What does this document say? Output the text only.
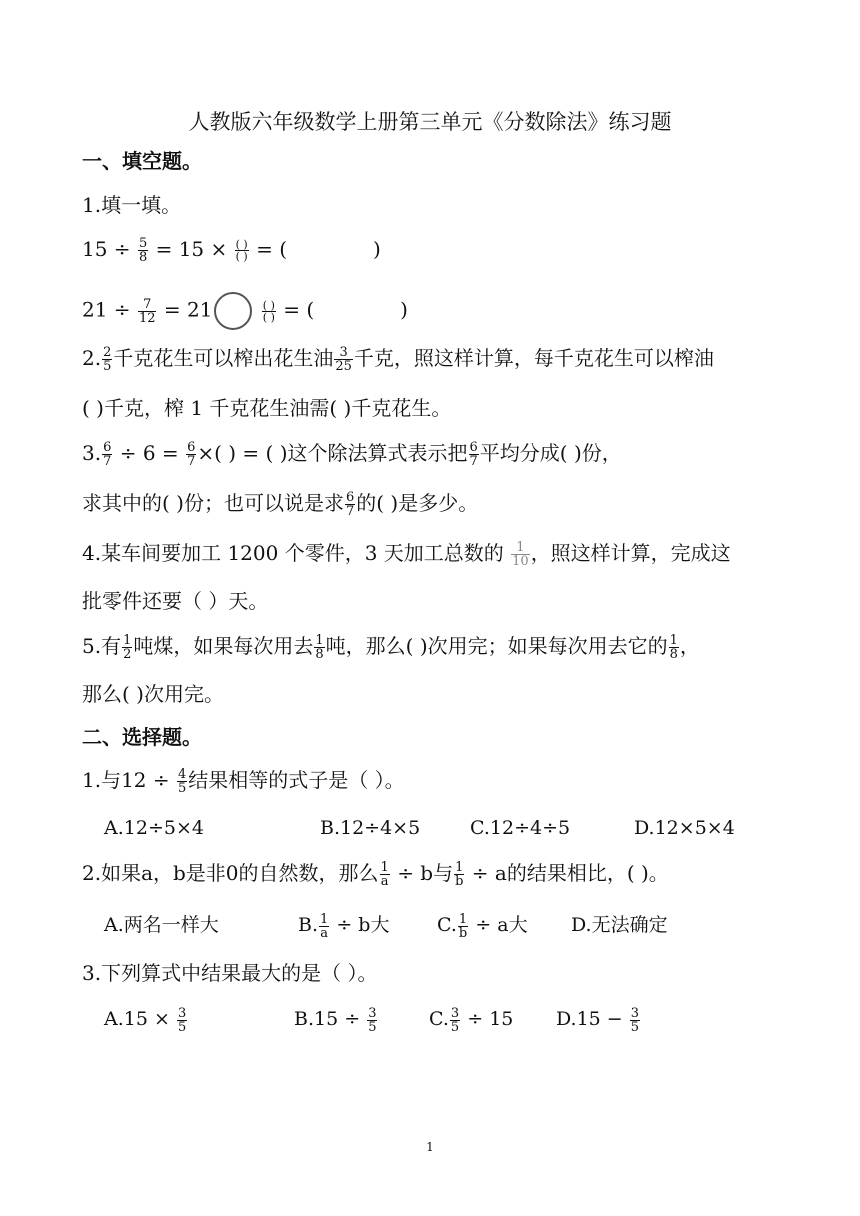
人教版六年级数学上册第三单元《分数除法》练习题
一、填空题。
1.填一填。
$15 \div \frac{5}{8} = 15 \times \frac{( )}{( )}$ = (	)
$21 \div \frac{7}{12} = 21$	$\frac{( )}{( )}$ = (	)
2. $\frac{2}{5}$ 千克花生可以榨出花生油 $\frac{3}{25}$ 千克，照这样计算，每千克花生可以榨油
( )千克，榨 1 千克花生油需( )千克花生。
3. $\frac{6}{7} \div 6 = \frac{6}{7}$ ×( ) = ( )这个除法算式表示把 $\frac{6}{7}$ 平均分成( )份，
求其中的( )份；也可以说是求 $\frac{6}{7}$ 的( )是多少。
4.某车间要加工 1200 个零件，3 天加工总数的 $\frac{1}{10}$ ，照这样计算，完成这
批零件还要（ ）天。
5.有 $\frac{1}{2}$ 吨煤，如果每次用去 $\frac{1}{8}$ 吨，那么( )次用完；如果每次用去它的 $\frac{1}{8}$ ，
那么( )次用完。
二、选择题。
1.与$12 \div \frac{4}{5}$ 结果相等的式子是（ ）。
A.12÷5×4	B.12÷4×5	C.12÷4÷5	D.12×5×4
2.如果a，b是非0的自然数，那么 $\frac{1}{a} \div b$与 $\frac{1}{b} \div a$的结果相比，( )。
A.两名一样大	B. $\frac{1}{a} \div b$大	C. $\frac{1}{b} \div a$大 D.无法确定
3.下列算式中结果最大的是（ ）。
$A.15 \times \frac{3}{5}$	$B.15 \div \frac{3}{5}$	C. $\frac{3}{5} \div 15$ $D.15 - \frac{3}{5}$
1
